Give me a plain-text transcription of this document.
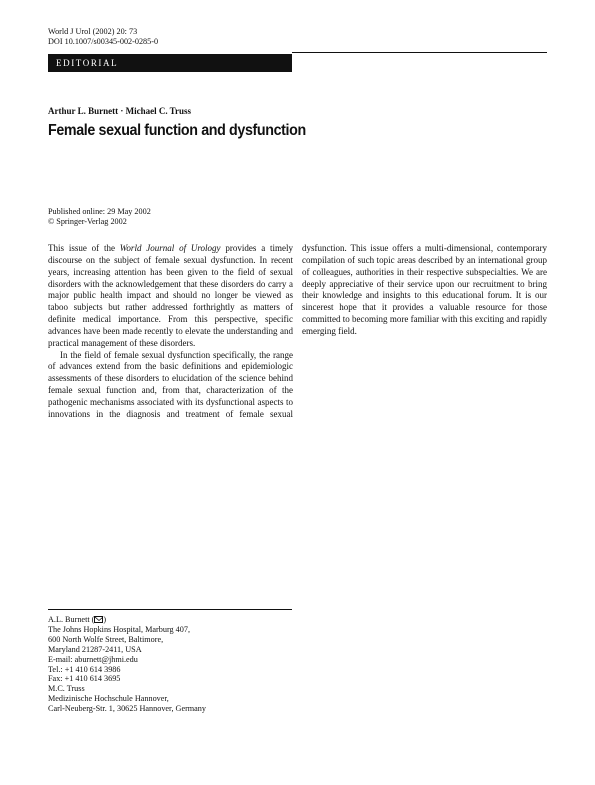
World J Urol (2002) 20: 73
DOI 10.1007/s00345-002-0285-0
EDITORIAL
Arthur L. Burnett · Michael C. Truss
Female sexual function and dysfunction
Published online: 29 May 2002
© Springer-Verlag 2002

This issue of the World Journal of Urology provides a timely discourse on the subject of female sexual dysfunction. In recent years, increasing attention has been given to the field of sexual disorders with the acknowledgement that these disorders do carry a major public health impact and should no longer be viewed as taboo subjects but rather addressed forthrightly as matters of definite medical importance. From this perspective, specific advances have been made recently to elevate the understanding and practical management of these disorders.

In the field of female sexual dysfunction specifically, the range of advances extend from the basic definitions and epidemiologic assessments of these disorders to elucidation of the science behind female sexual function and, from that, characterization of the pathogenic mechanisms associated with its dysfunctional aspects to innovations in the diagnosis and treatment of female sexual dysfunction. This issue offers a multi-dimensional, contemporary compilation of such topic areas described by an international group of colleagues, authorities in their respective subspecialties. We are deeply appreciative of their service upon our recruitment to bring their knowledge and insights to this educational forum. It is our sincerest hope that it provides a valuable resource for those committed to becoming more familiar with this exciting and rapidly emerging field.

A.L. Burnett ( )
The Johns Hopkins Hospital, Marburg 407,
600 North Wolfe Street, Baltimore,
Maryland 21287-2411, USA
E-mail: aburnett@jhmi.edu
Tel.: +1 410 614 3986
Fax: +1 410 614 3695
M.C. Truss
Medizinische Hochschule Hannover,
Carl-Neuberg-Str. 1, 30625 Hannover, Germany
